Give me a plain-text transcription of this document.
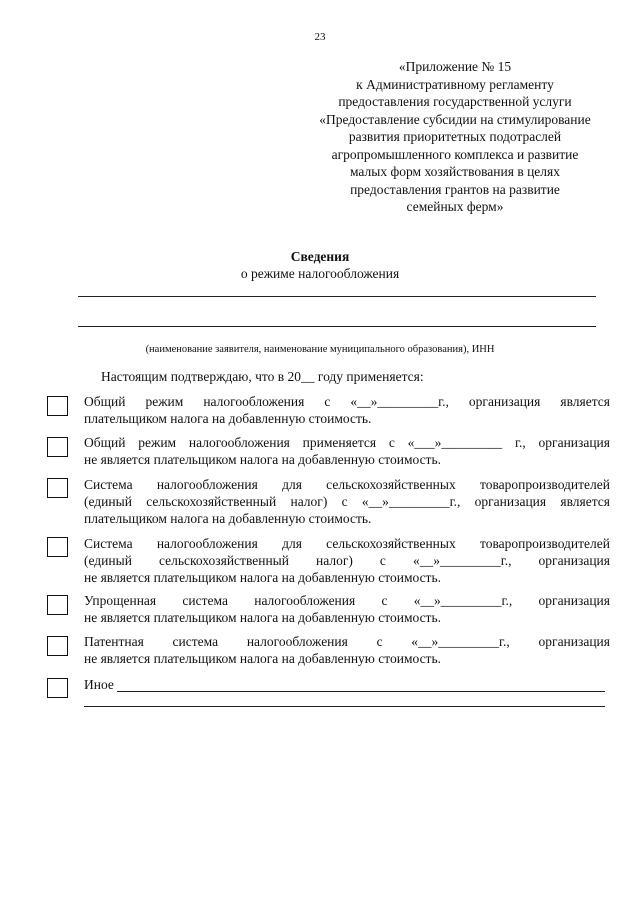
23
«Приложение № 15
к Административному регламенту
предоставления государственной услуги
«Предоставление субсидии на стимулирование
развития приоритетных подотраслей
агропромышленного комплекса и развитие
малых форм хозяйствования в целях
предоставления грантов на развитие
семейных ферм»
Сведения
о режиме налогообложения
(наименование заявителя, наименование муниципального образования), ИНН
Настоящим подтверждаю, что в 20__ году применяется:
Общий режим налогообложения с «__»_________г., организация является
плательщиком налога на добавленную стоимость.
Общий режим налогообложения применяется с «___»_________ г., организация
не является плательщиком налога на добавленную стоимость.
Система налогообложения для сельскохозяйственных товаропроизводителей
(единый сельскохозяйственный налог) с «__»_________г., организация является
плательщиком налога на добавленную стоимость.
Система налогообложения для сельскохозяйственных товаропроизводителей
(единый сельскохозяйственный налог) с «__»_________г., организация
не является плательщиком налога на добавленную стоимость.
Упрощенная система налогообложения с «__»_________г., организация
не является плательщиком налога на добавленную стоимость.
Патентная система налогообложения с «__»_________г., организация
не является плательщиком налога на добавленную стоимость.
Иное
